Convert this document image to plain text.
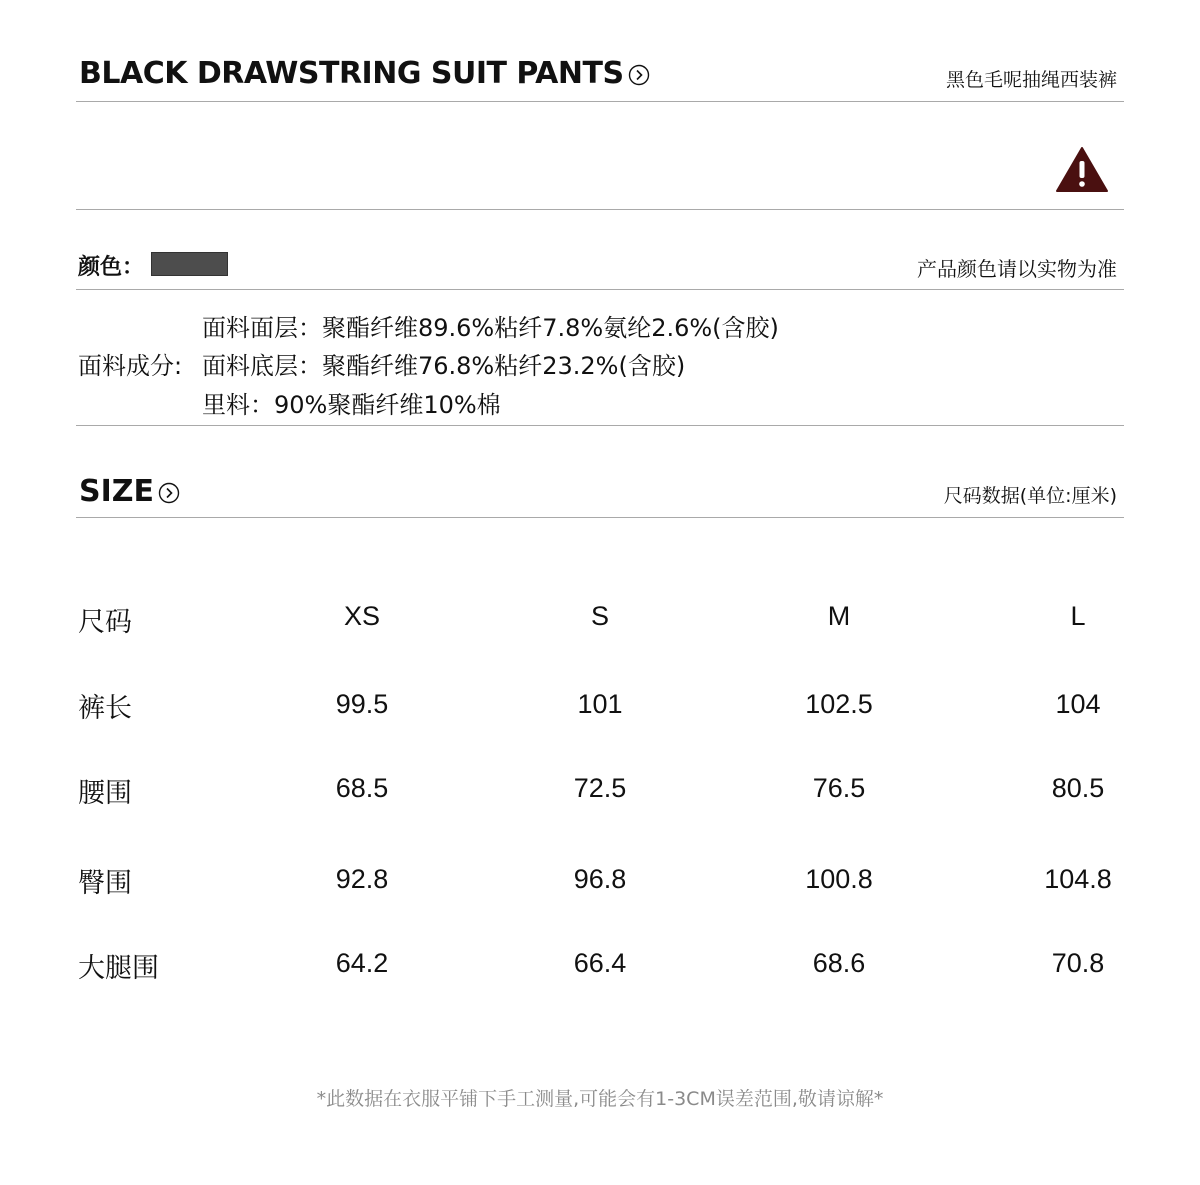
BLACK DRAWSTRING SUIT PANTS	黑色毛呢抽绳西装裤
颜色：	产品颜色请以实物为准
面料面层：聚酯纤维89.6%粘纤7.8%氨纶2.6%(含胶)
面料成分: 面料底层：聚酯纤维76.8%粘纤23.2%(含胶)
里料：90%聚酯纤维10%棉
SIZE	尺码数据(单位:厘米)
尺码	XS	S	M	L
裤长	99.5	101	102.5	104
腰围	68.5	72.5	76.5	80.5
臀围	92.8	96.8	100.8	104.8
大腿围	64.2	66.4	68.6	70.8
*此数据在衣服平铺下手工测量,可能会有1-3CM误差范围,敬请谅解*
